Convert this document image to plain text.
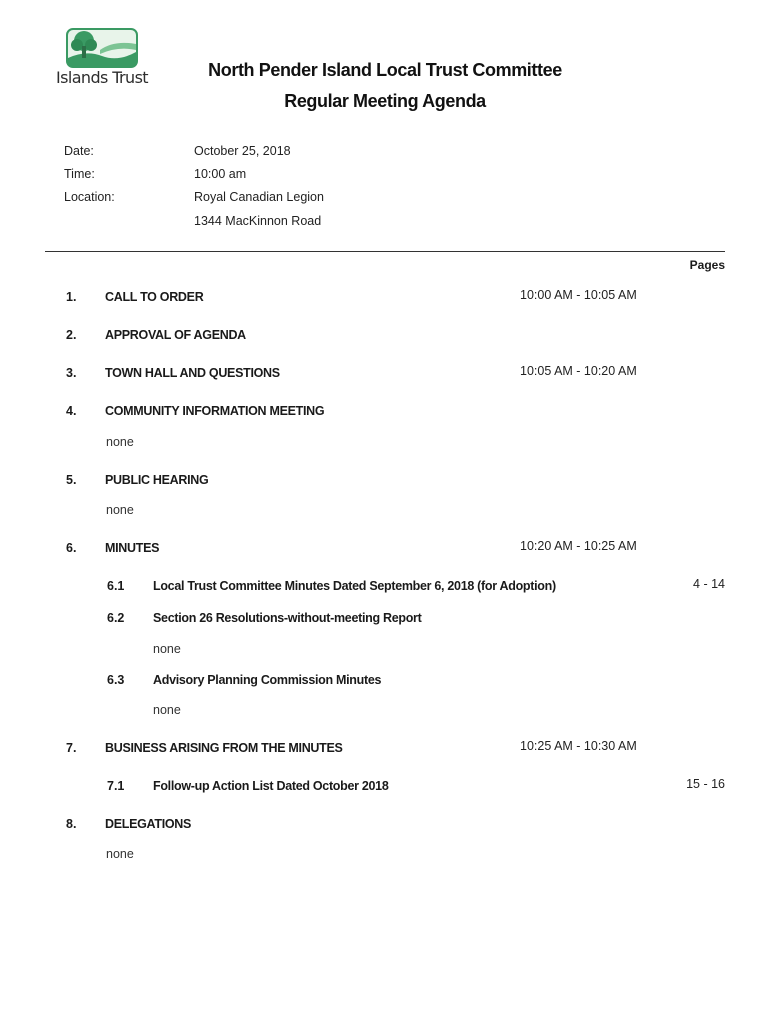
Islands Trust	North Pender Island Local Trust Committee
Regular Meeting Agenda
Date:	October 25, 2018
Time:	10:00 am
Location:	Royal Canadian Legion
1344 MacKinnon Road
Pages
1. CALL TO ORDER	10:00 AM - 10:05 AM
2. APPROVAL OF AGENDA
3. TOWN HALL AND QUESTIONS	10:05 AM - 10:20 AM
4. COMMUNITY INFORMATION MEETING
none
5. PUBLIC HEARING
none
6. MINUTES	10:20 AM - 10:25 AM
6.1 Local Trust Committee Minutes Dated September 6, 2018 (for Adoption)	4 - 14
6.2 Section 26 Resolutions-without-meeting Report
none
6.3 Advisory Planning Commission Minutes
none
7. BUSINESS ARISING FROM THE MINUTES	10:25 AM - 10:30 AM
7.1 Follow-up Action List Dated October 2018	15 - 16
8. DELEGATIONS
none
